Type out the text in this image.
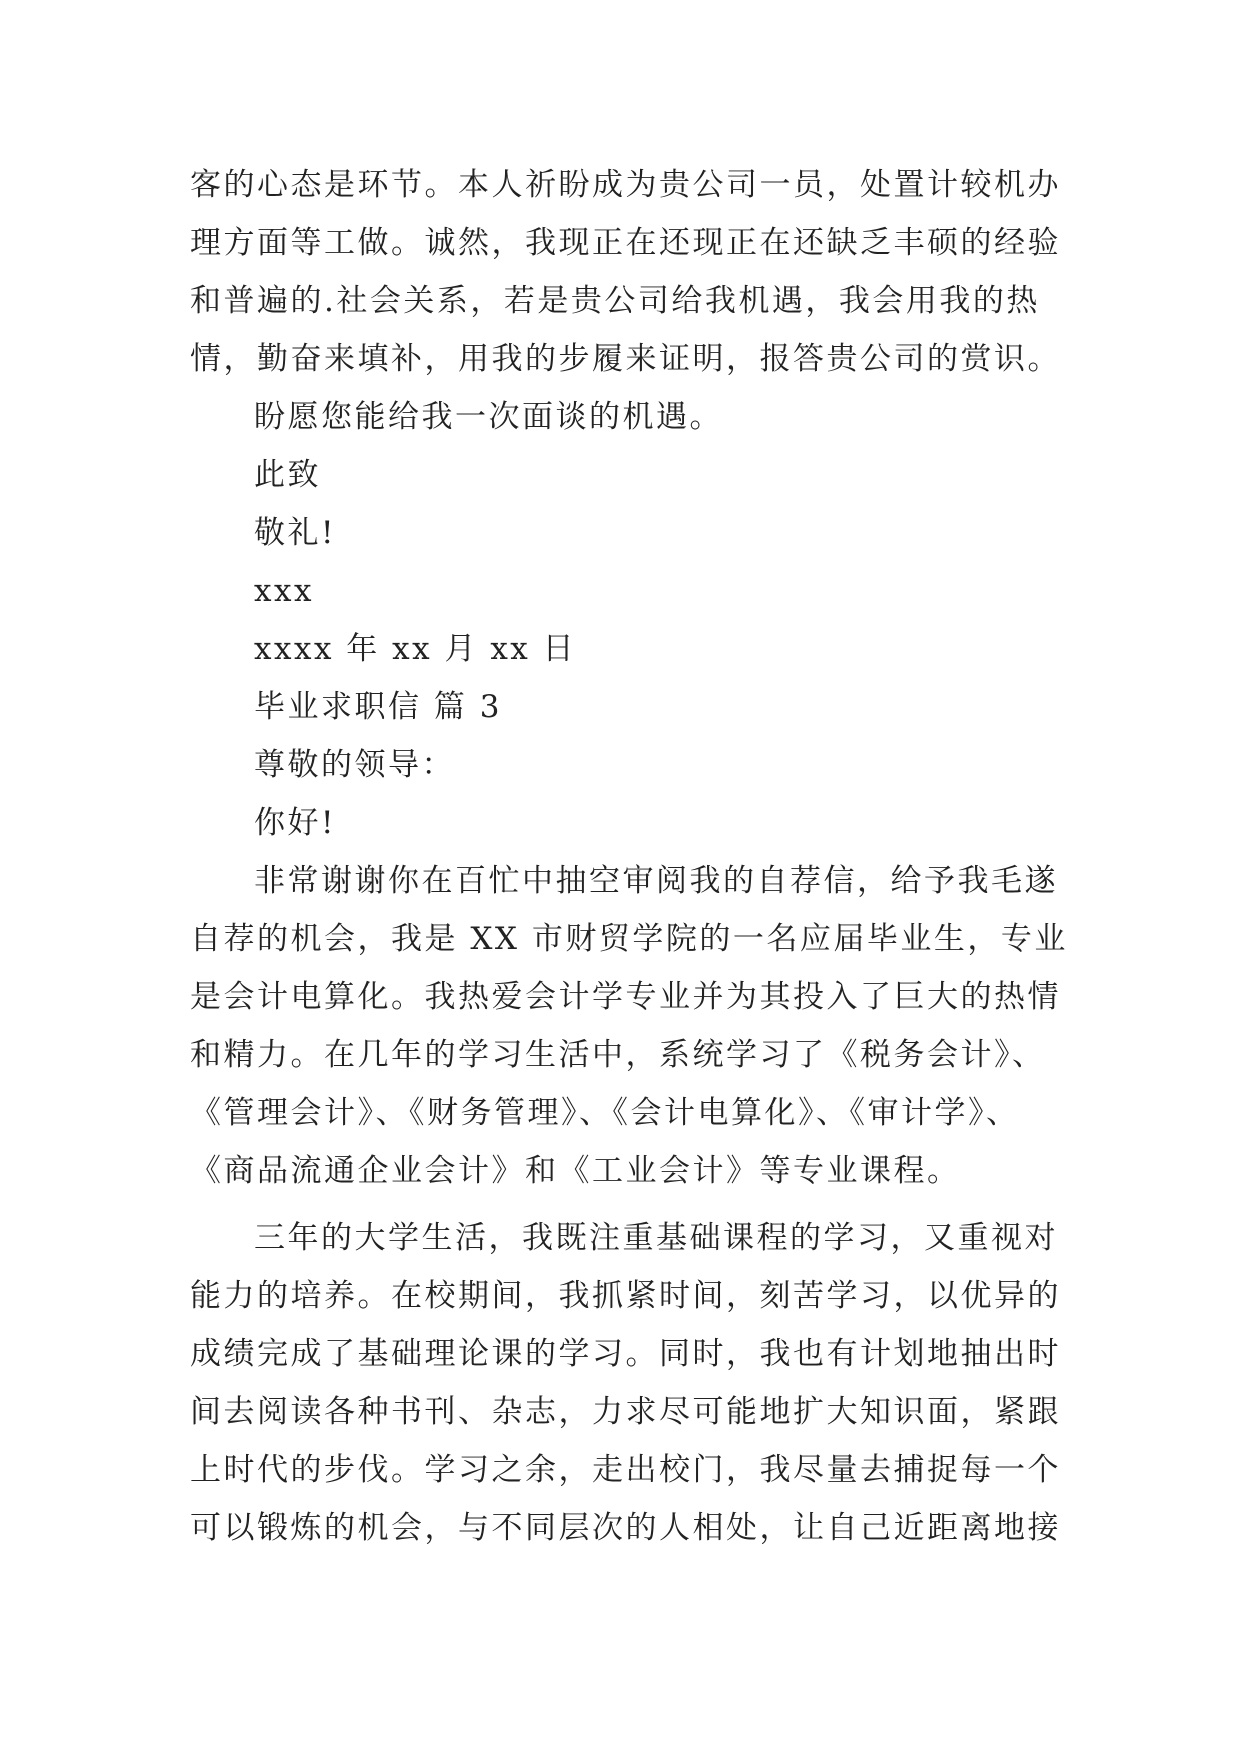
客的心态是环节。本人祈盼成为贵公司一员，处置计较机办
理方面等工做。诚然，我现正在还现正在还缺乏丰硕的经验
和普遍的.社会关系，若是贵公司给我机遇，我会用我的热
情，勤奋来填补，用我的步履来证明，报答贵公司的赏识。
盼愿您能给我一次面谈的机遇。
此致
敬礼!
xxx
xxxx 年 xx 月 xx 日
毕业求职信 篇 3
尊敬的领导：
你好!
非常谢谢你在百忙中抽空审阅我的自荐信，给予我毛遂
自荐的机会，我是 XX 市财贸学院的一名应届毕业生，专业
是会计电算化。我热爱会计学专业并为其投入了巨大的热情
和精力。在几年的学习生活中，系统学习了《税务会计》、
《管理会计》、《财务管理》、《会计电算化》、《审计学》、
《商品流通企业会计》和《工业会计》等专业课程。
三年的大学生活，我既注重基础课程的学习，又重视对
能力的培养。在校期间，我抓紧时间，刻苦学习，以优异的
成绩完成了基础理论课的学习。同时，我也有计划地抽出时
间去阅读各种书刊、杂志，力求尽可能地扩大知识面，紧跟
上时代的步伐。学习之余，走出校门，我尽量去捕捉每一个
可以锻炼的机会，与不同层次的人相处，让自己近距离地接
